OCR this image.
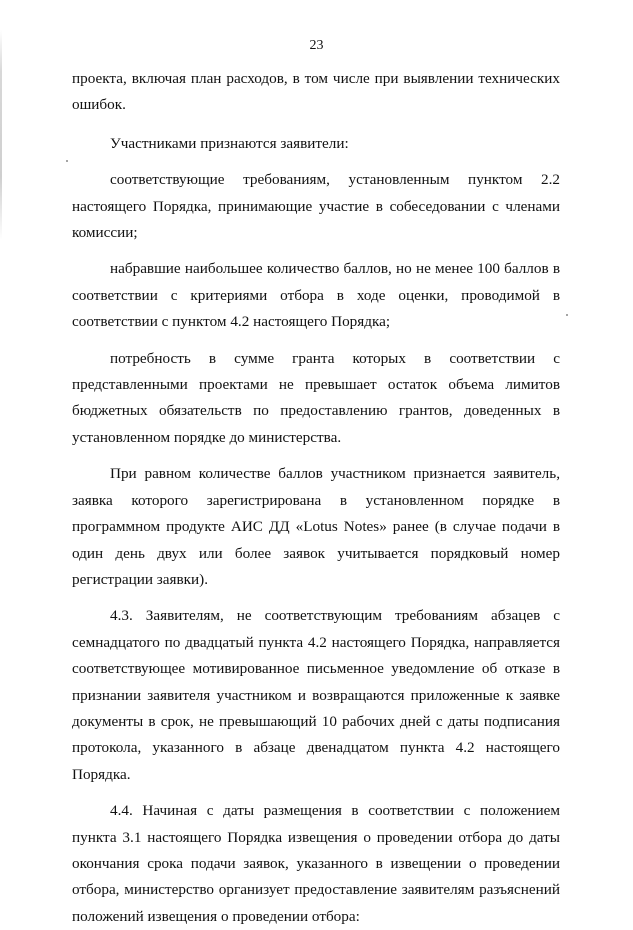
23

проекта, включая план расходов, в том числе при выявлении технических ошибок.

Участниками признаются заявители:

соответствующие требованиям, установленным пунктом 2.2 настоящего Порядка, принимающие участие в собеседовании с членами комиссии;

набравшие наибольшее количество баллов, но не менее 100 баллов в соответствии с критериями отбора в ходе оценки, проводимой в соответствии с пунктом 4.2 настоящего Порядка;

потребность в сумме гранта которых в соответствии с представленными проектами не превышает остаток объема лимитов бюджетных обязательств по предоставлению грантов, доведенных в установленном порядке до министерства.

При равном количестве баллов участником признается заявитель, заявка которого зарегистрирована в установленном порядке в программном продукте АИС ДД «Lotus Notes» ранее (в случае подачи в один день двух или более заявок учитывается порядковый номер регистрации заявки).

4.3. Заявителям, не соответствующим требованиям абзацев с семнадцатого по двадцатый пункта 4.2 настоящего Порядка, направляется соответствующее мотивированное письменное уведомление об отказе в признании заявителя участником и возвращаются приложенные к заявке документы в срок, не превышающий 10 рабочих дней с даты подписания протокола, указанного в абзаце двенадцатом пункта 4.2 настоящего Порядка.

4.4. Начиная с даты размещения в соответствии с положением пункта 3.1 настоящего Порядка извещения о проведении отбора до даты окончания срока подачи заявок, указанного в извещении о проведении отбора, министерство организует предоставление заявителям разъяснений положений извещения о проведении отбора:
